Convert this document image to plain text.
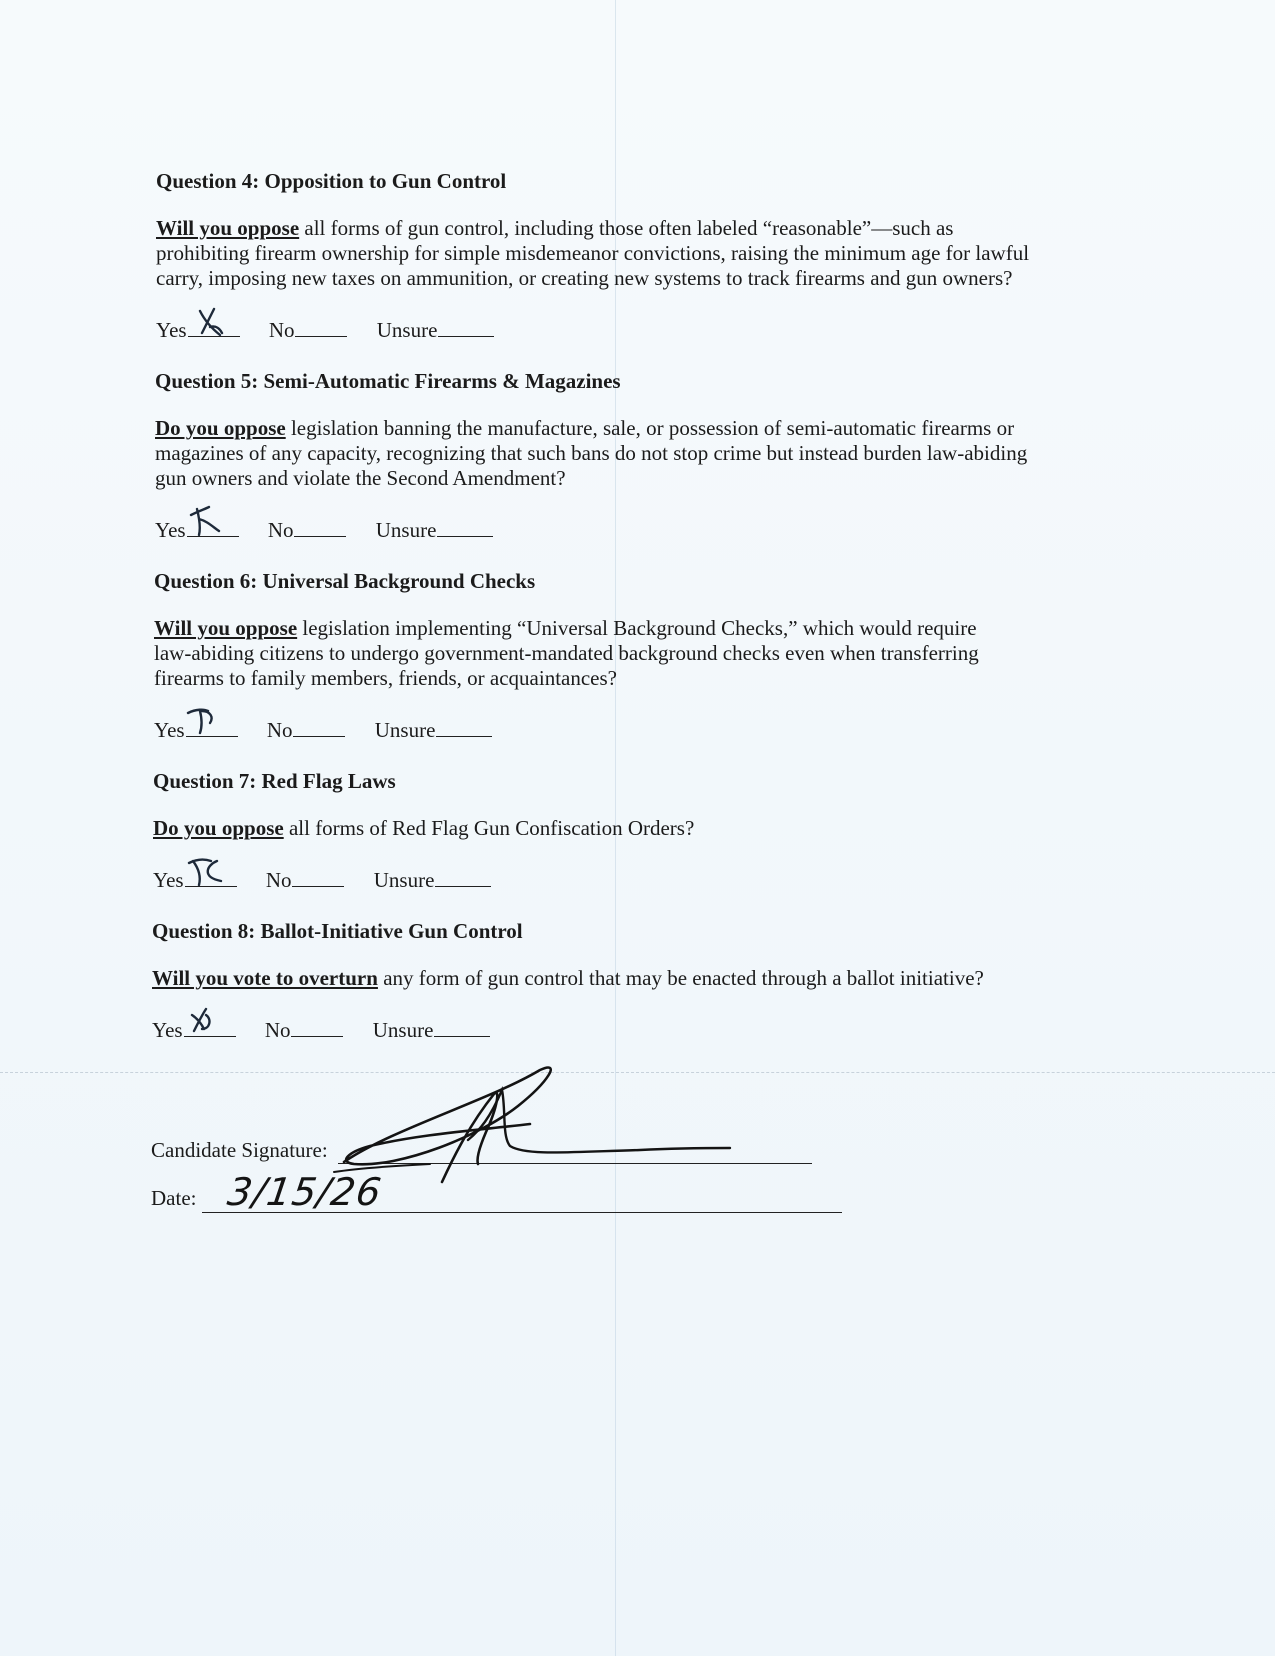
Question 4: Opposition to Gun Control
Will you oppose all forms of gun control, including those often labeled “reasonable”—such as
prohibiting firearm ownership for simple misdemeanor convictions, raising the minimum age for lawful
carry, imposing new taxes on ammunition, or creating new systems to track firearms and gun owners?
Yes	No	Unsure
Question 5: Semi-Automatic Firearms & Magazines
Do you oppose legislation banning the manufacture, sale, or possession of semi-automatic firearms or
magazines of any capacity, recognizing that such bans do not stop crime but instead burden law-abiding
gun owners and violate the Second Amendment?
Yes	No	Unsure
Question 6: Universal Background Checks
Will you oppose legislation implementing “Universal Background Checks,” which would require
law-abiding citizens to undergo government-mandated background checks even when transferring
firearms to family members, friends, or acquaintances?
Yes	No	Unsure
Question 7: Red Flag Laws
Do you oppose all forms of Red Flag Gun Confiscation Orders?
Yes	No	Unsure
Question 8: Ballot-Initiative Gun Control
Will you vote to overturn any form of gun control that may be enacted through a ballot initiative?
Yes	No	Unsure
Candidate Signature:
Date: 3/15/26
